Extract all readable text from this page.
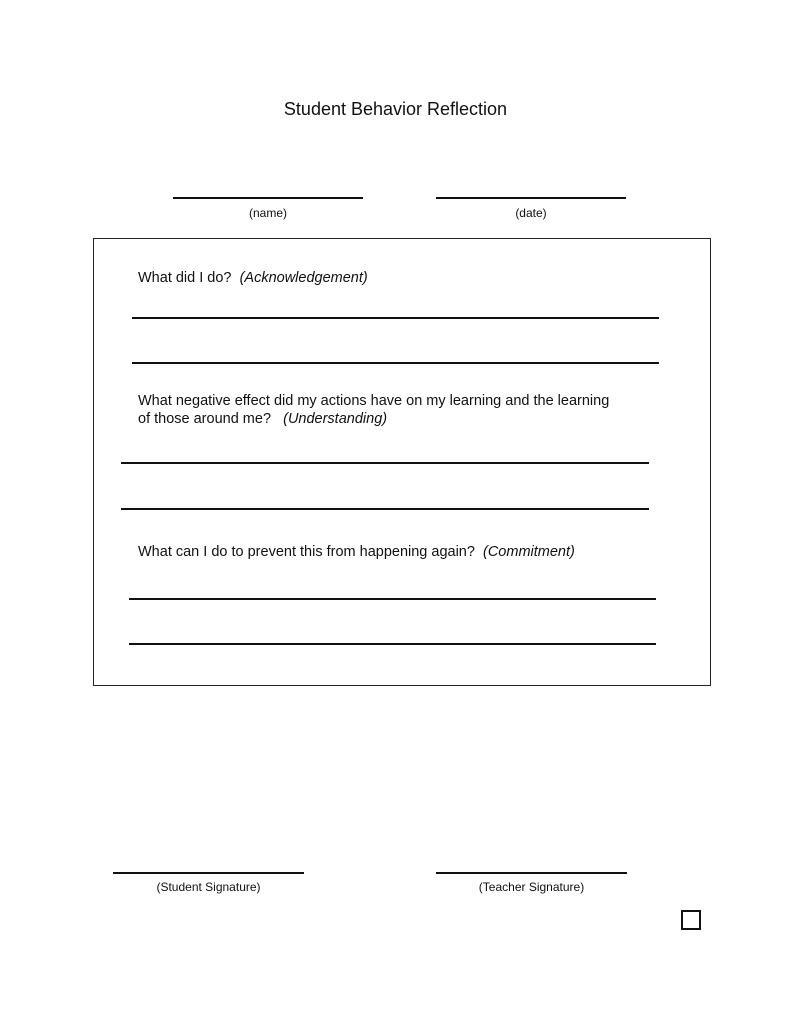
Student Behavior Reflection
(name)	(date)
What did I do? (Acknowledgement)
What negative effect did my actions have on my learning and the learning
of those around me? (Understanding)
What can I do to prevent this from happening again? (Commitment)
(Student Signature)	(Teacher Signature)
